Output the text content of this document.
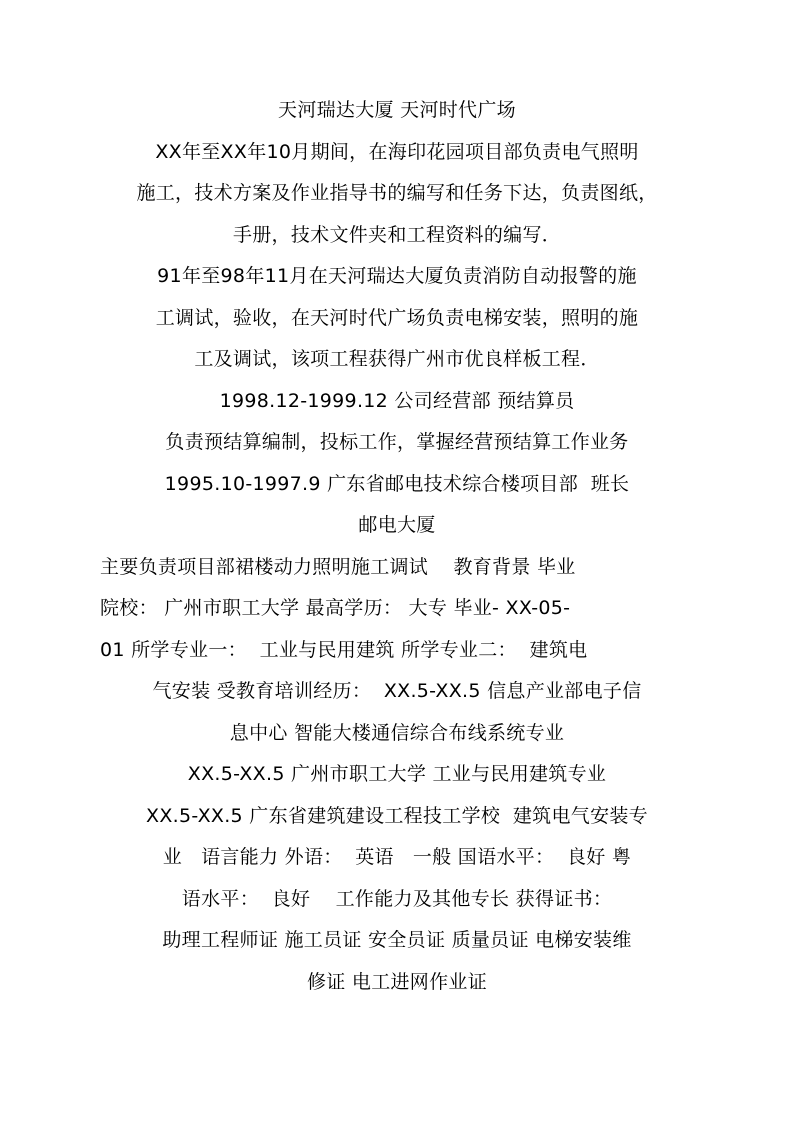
天河瑞达大厦 天河时代广场
XX年至XX年10月期间，在海印花园项目部负责电气照明
施工，技术方案及作业指导书的编写和任务下达，负责图纸，
手册，技术文件夹和工程资料的编写．
91年至98年11月在天河瑞达大厦负责消防自动报警的施
工调试，验收，在天河时代广场负责电梯安装，照明的施
工及调试，该项工程获得广州市优良样板工程．
1998.12-1999.12 公司经营部 预结算员
负责预结算编制，投标工作，掌握经营预结算工作业务
1995.10-1997.9 广东省邮电技术综合楼项目部  班长
邮电大厦
主要负责项目部裙楼动力照明施工调试    教育背景 毕业
院校： 广州市职工大学 最高学历： 大专 毕业- XX-05-
01 所学专业一：  工业与民用建筑 所学专业二：  建筑电
气安装 受教育培训经历：  XX.5-XX.5 信息产业部电子信
息中心 智能大楼通信综合布线系统专业
XX.5-XX.5 广州市职工大学 工业与民用建筑专业
XX.5-XX.5 广东省建筑建设工程技工学校  建筑电气安装专
业   语言能力 外语：  英语   一般 国语水平：  良好 粤
语水平：  良好    工作能力及其他专长 获得证书：
助理工程师证 施工员证 安全员证 质量员证 电梯安装维
修证 电工进网作业证
